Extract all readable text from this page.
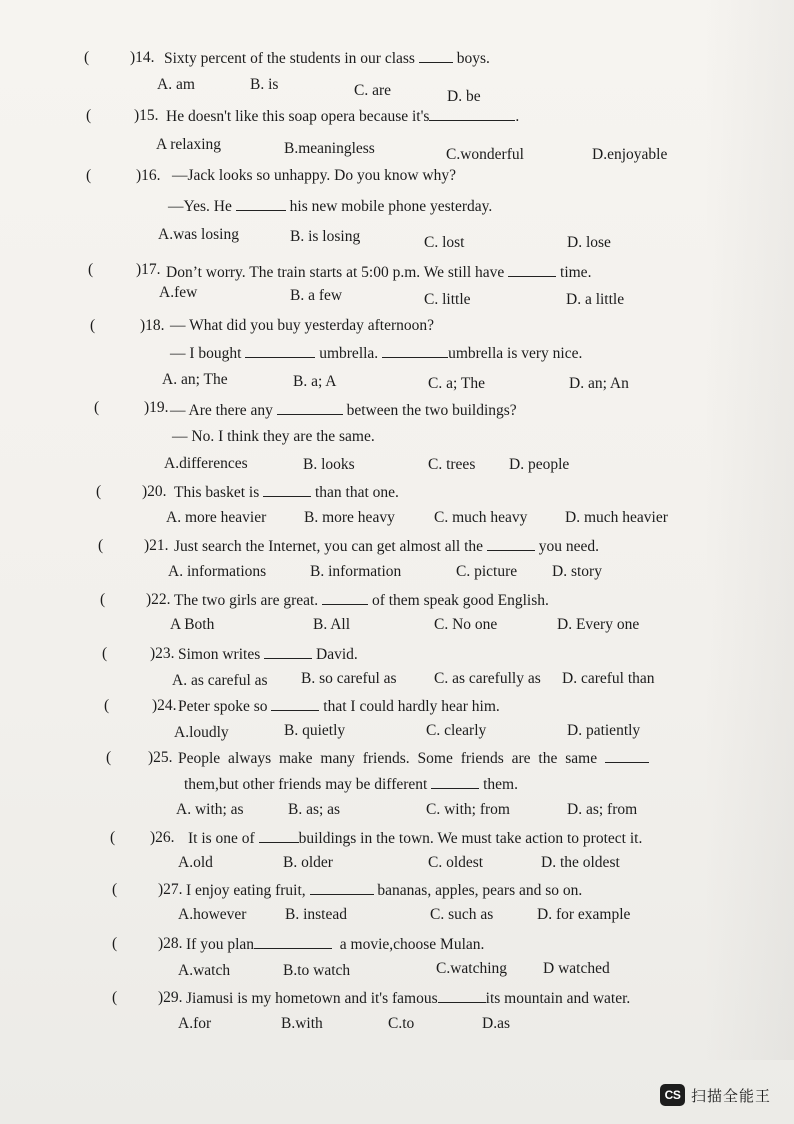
(	)14. Sixty percent of the students in our class	boys.
A. am	B. is	C. are	D. be
(	)15. He doesn't like this soap opera because it's	.
A relaxing	B.meaningless	C.wonderful	D.enjoyable
(	)16. —Jack looks so unhappy. Do you know why?
—Yes. He	his new mobile phone yesterday.
A.was losing	B. is losing	C. lost	D. lose
(	)17. Don’t worry. The train starts at 5:00 p.m. We still have	time.
A.few	B. a few	C. little	D. a little
(	)18. — What did you buy yesterday afternoon?
— I bought	umbrella.	umbrella is very nice.
A. an; The	B. a; A	C. a; The	D. an; An
(	)19. — Are there any	between the two buildings?
— No. I think they are the same.
A.differences	B. looks	C. trees D. people
(	)20. This basket is	than that one.
A. more heavier B. more heavy	C. much heavy D. much heavier
(	)21. Just search the Internet, you can get almost all the	you need.
A. informations	B. information	C. picture D. story
(	)22. The two girls are great.	of them speak good English.
A Both	B. All	C. No one	D. Every one
(	)23. Simon writes	David.
A. as careful as B. so careful as C. as carefully as D. careful than
(	)24. Peter spoke so	that I could hardly hear him.
A.loudly	B. quietly	C. clearly	D. patiently
( )25. People always make many friends. Some friends are the same
them,but other friends may be different	them.
A. with; as	B. as; as	C. with; from	D. as; from
( )26. It is one of	buildings in the town. We must take action to protect it.
A.old	B. older	C. oldest	D. the oldest
(	)27. I enjoy eating fruit,	bananas, apples, pears and so on.
A.however B. instead	C. such as	D. for example
(	)28. If you plan	a movie,choose Mulan.
A.watch	B.to watch	C.watching D watched
(	)29. Jiamusi is my hometown and it's famous	its mountain and water.
A.for	B.with	C.to	D.as
CS 扫描全能王
